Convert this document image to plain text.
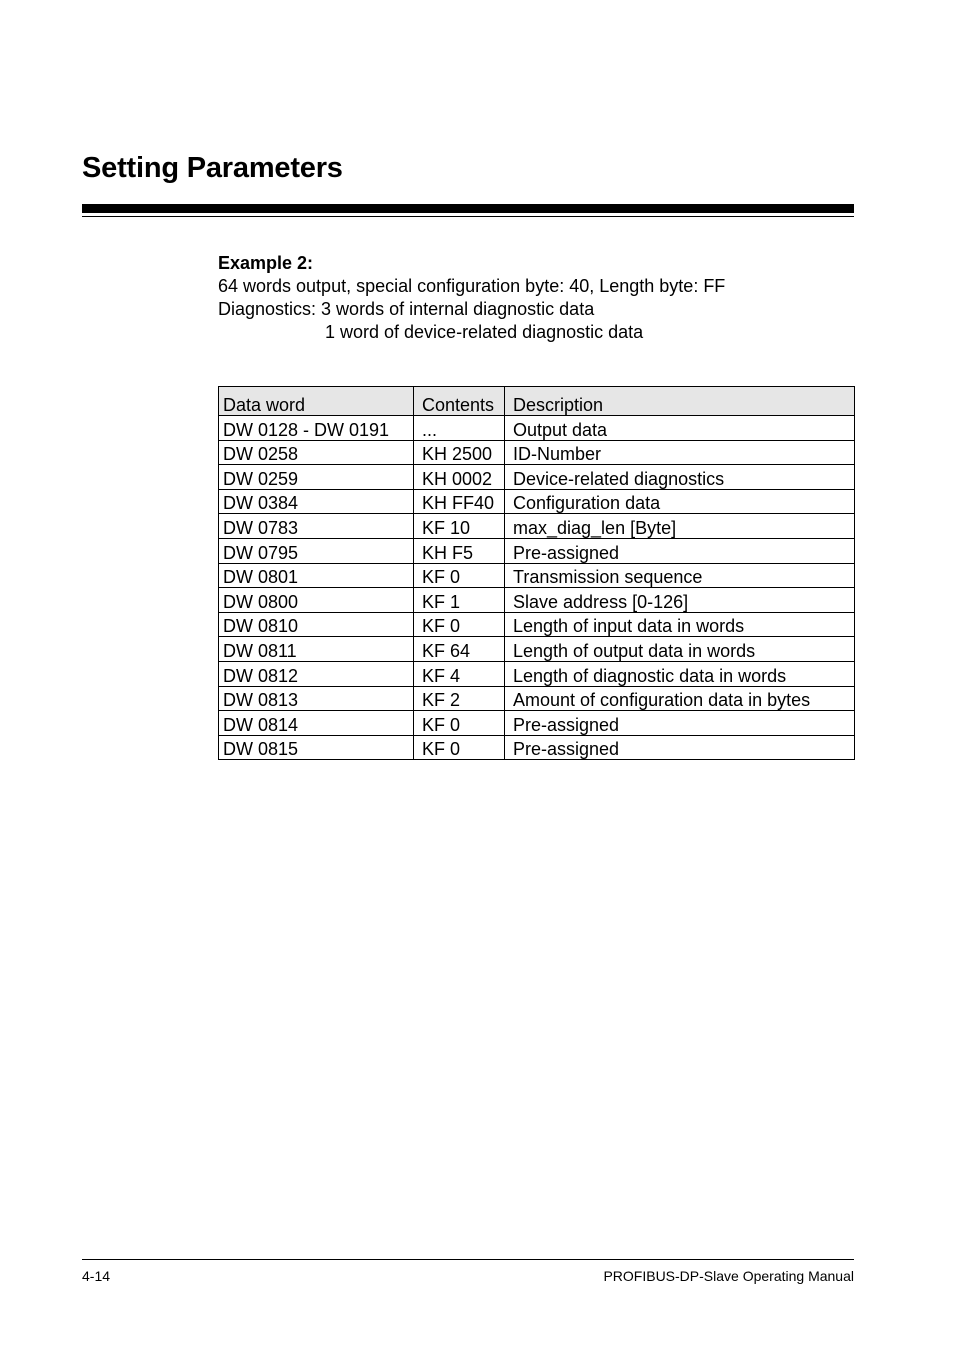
Setting Parameters
Example 2:
64 words output, special configuration byte: 40, Length byte: FF
Diagnostics: 3 words of internal diagnostic data
1 word of device-related diagnostic data
Data word	Contents	Description
DW 0128 - DW 0191	...	Output data
DW 0258	KH 2500	ID-Number
DW 0259	KH 0002	Device-related diagnostics
DW 0384	KH FF40	Configuration data
DW 0783	KF 10	max_diag_len [Byte]
DW 0795	KH F5	Pre-assigned
DW 0801	KF 0	Transmission sequence
DW 0800	KF 1	Slave address [0-126]
DW 0810	KF 0	Length of input data in words
DW 0811	KF 64	Length of output data in words
DW 0812	KF 4	Length of diagnostic data in words
DW 0813	KF 2	Amount of configuration data in bytes
DW 0814	KF 0	Pre-assigned
DW 0815	KF 0	Pre-assigned
4-14	PROFIBUS-DP-Slave Operating Manual
